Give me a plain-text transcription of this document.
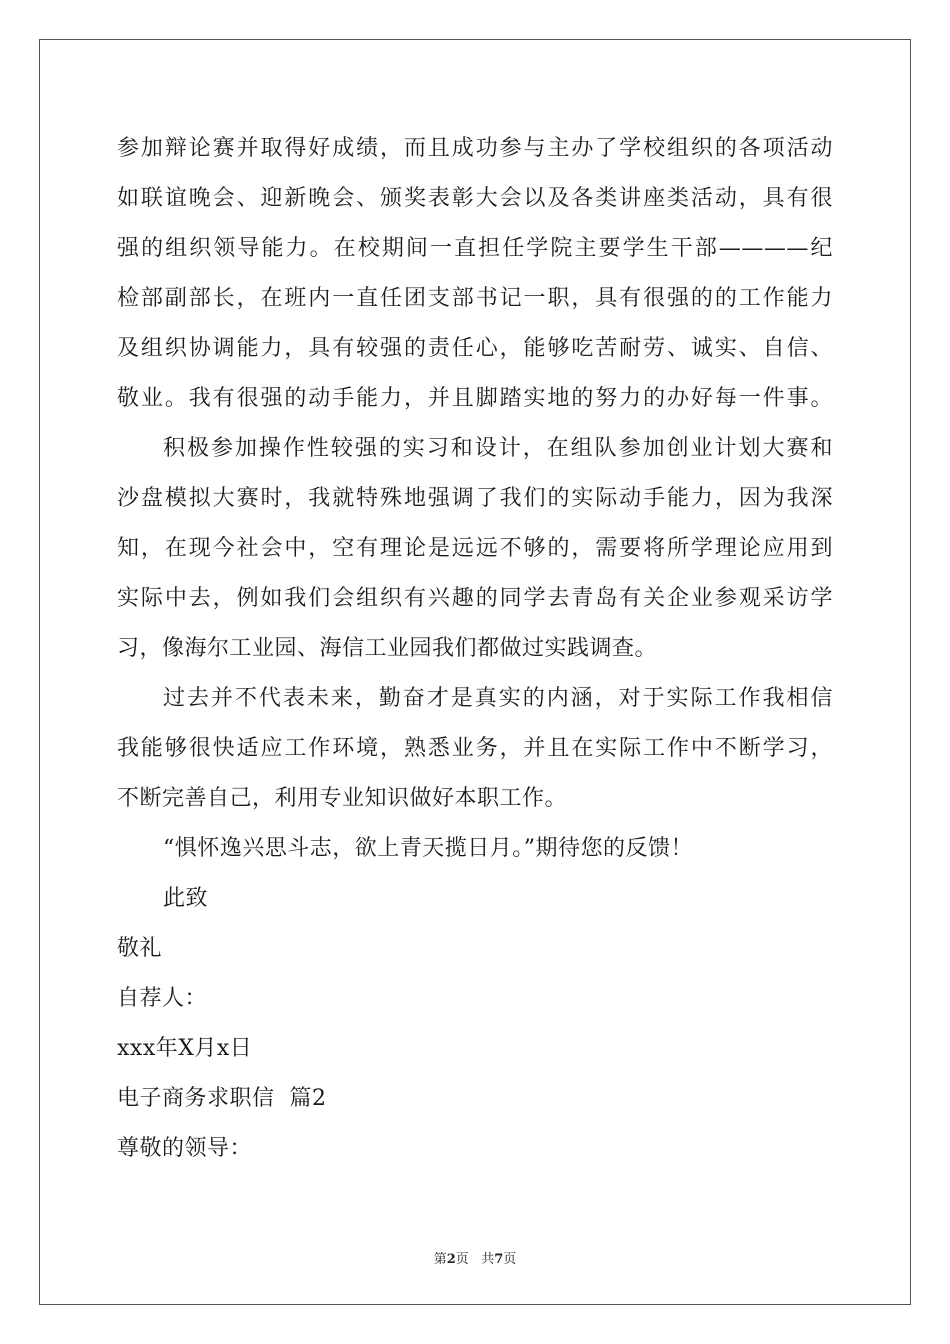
参加辩论赛并取得好成绩，而且成功参与主办了学校组织的各项活动
如联谊晚会、迎新晚会、颁奖表彰大会以及各类讲座类活动，具有很
强的组织领导能力。在校期间一直担任学院主要学生干部————纪
检部副部长，在班内一直任团支部书记一职，具有很强的的工作能力
及组织协调能力，具有较强的责任心，能够吃苦耐劳、诚实、自信、
敬业。我有很强的动手能力，并且脚踏实地的努力的办好每一件事。
积极参加操作性较强的实习和设计，在组队参加创业计划大赛和
沙盘模拟大赛时，我就特殊地强调了我们的实际动手能力，因为我深
知，在现今社会中，空有理论是远远不够的，需要将所学理论应用到
实际中去，例如我们会组织有兴趣的同学去青岛有关企业参观采访学
习，像海尔工业园、海信工业园我们都做过实践调查。
过去并不代表未来，勤奋才是真实的内涵，对于实际工作我相信
我能够很快适应工作环境，熟悉业务，并且在实际工作中不断学习，
不断完善自己，利用专业知识做好本职工作。
“惧怀逸兴思斗志，欲上青天揽日月。”期待您的反馈！
此致
敬礼
自荐人：
xxx年X月x日
电子商务求职信  篇2
尊敬的领导：
第2页   共7页
